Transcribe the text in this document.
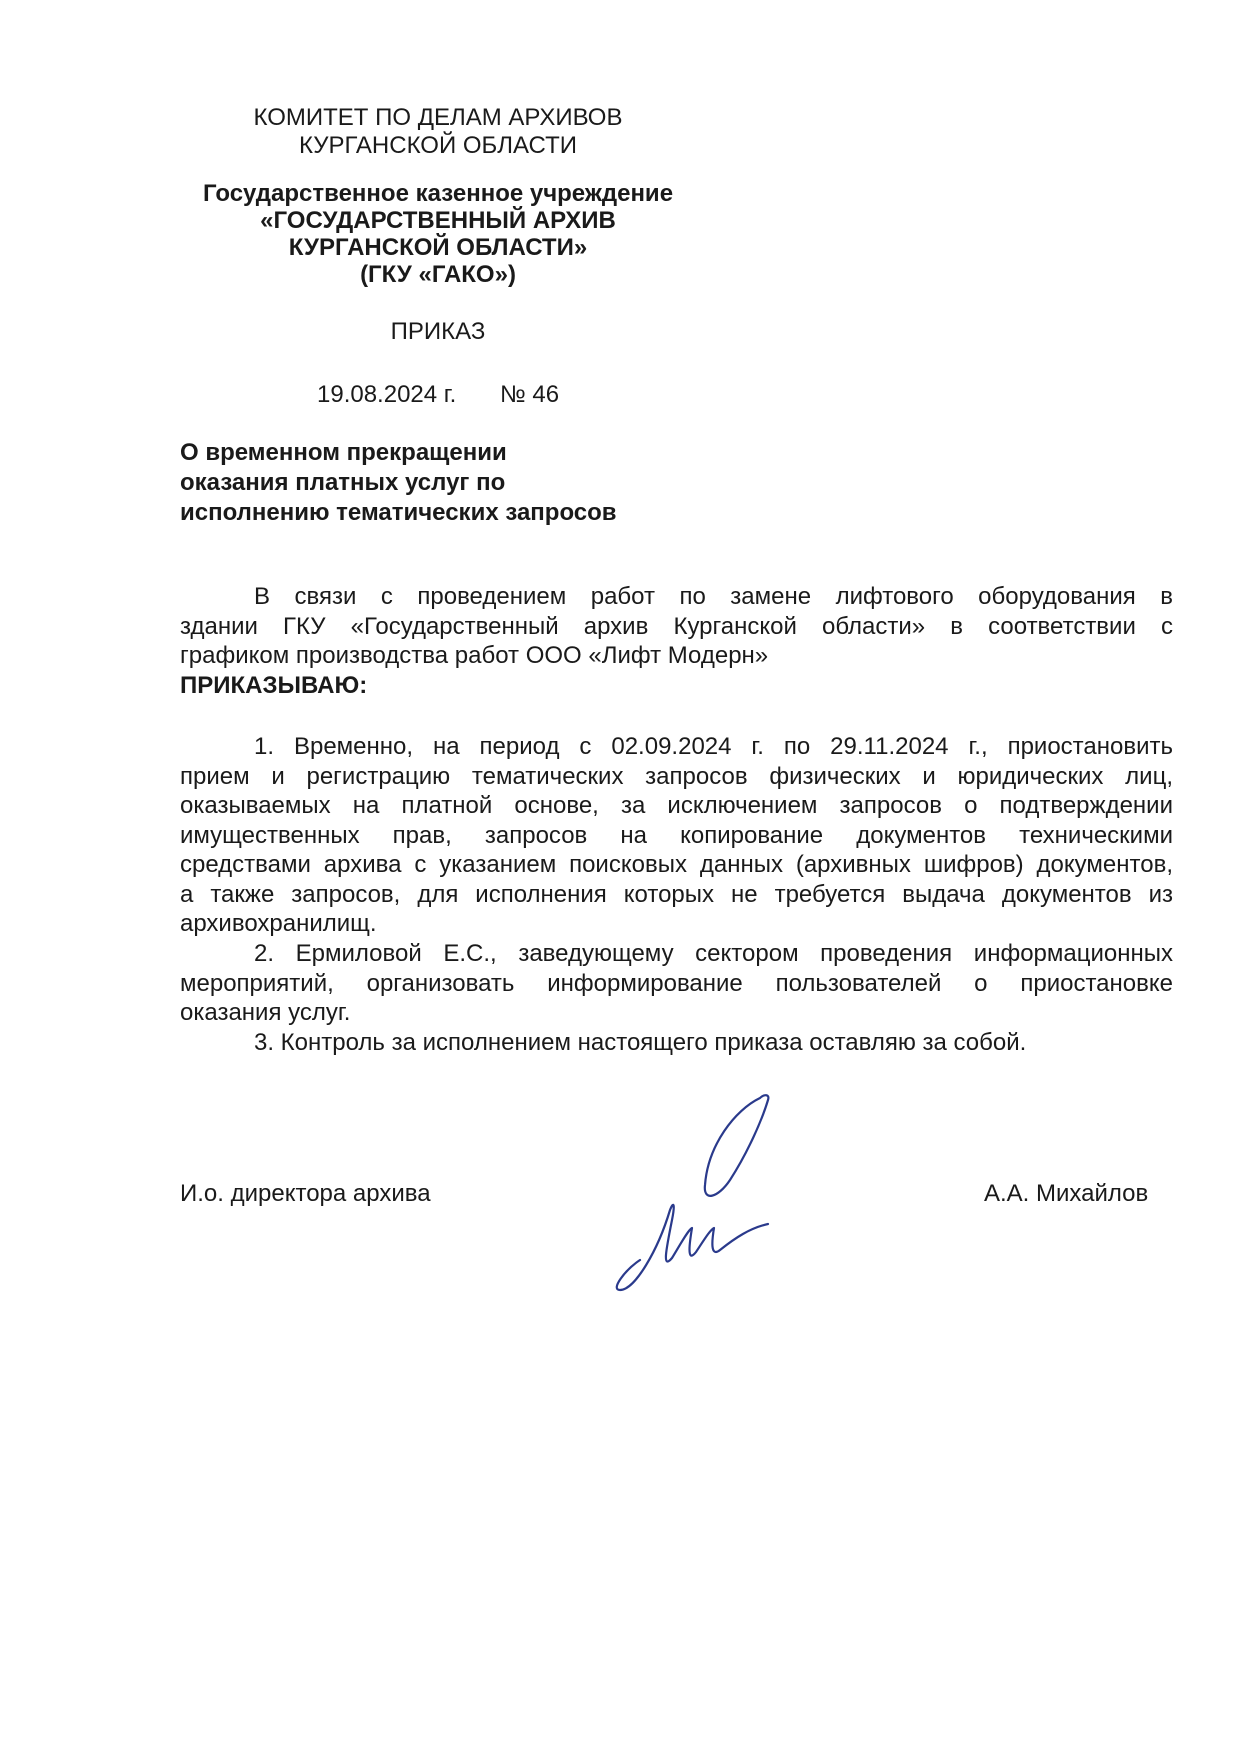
КОМИТЕТ ПО ДЕЛАМ АРХИВОВ
КУРГАНСКОЙ ОБЛАСТИ
Государственное казенное учреждение
«ГОСУДАРСТВЕННЫЙ АРХИВ
КУРГАНСКОЙ ОБЛАСТИ»
(ГКУ «ГАКО»)
ПРИКАЗ
19.08.2024 г. № 46
О временном прекращении
оказания платных услуг по
исполнению тематических запросов
В связи с проведением работ по замене лифтового оборудования в
здании ГКУ «Государственный архив Курганской области» в соответствии с
графиком производства работ ООО «Лифт Модерн»
ПРИКАЗЫВАЮ:
1. Временно, на период с 02.09.2024 г. по 29.11.2024 г., приостановить
прием и регистрацию тематических запросов физических и юридических лиц,
оказываемых на платной основе, за исключением запросов о подтверждении
имущественных прав, запросов на копирование документов техническими
средствами архива с указанием поисковых данных (архивных шифров) документов,
а также запросов, для исполнения которых не требуется выдача документов из
архивохранилищ.
2. Ермиловой Е.С., заведующему сектором проведения информационных
мероприятий, организовать информирование пользователей о приостановке
оказания услуг.
3. Контроль за исполнением настоящего приказа оставляю за собой.
И.о. директора архива	А.А. Михайлов
